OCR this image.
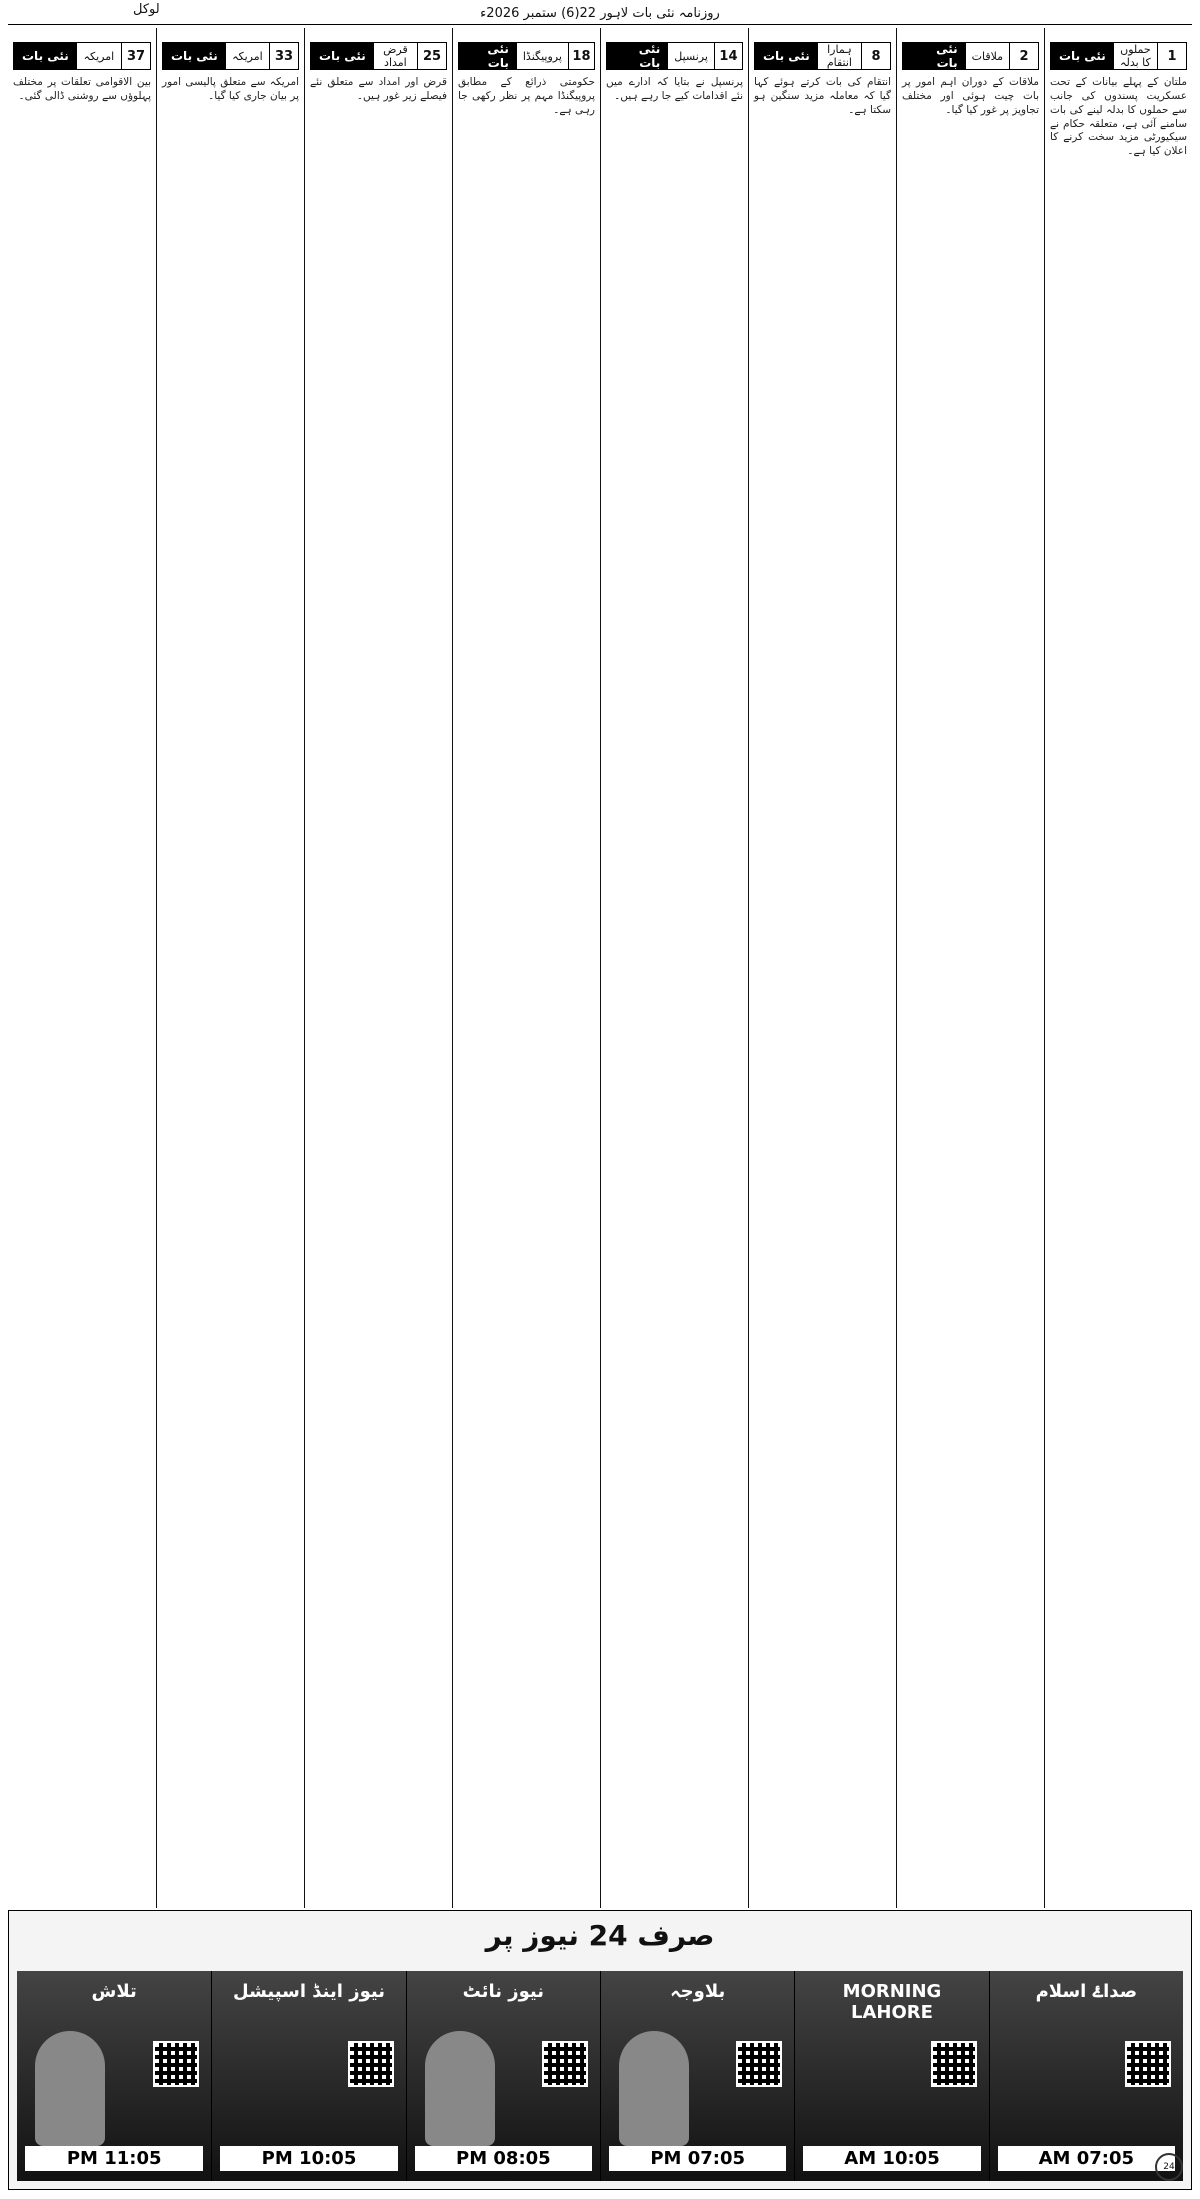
لوکل	روزنامہ نئی بات لاہور 22(6) ستمبر 2026ء
1
حملوں کا بدلہ
نئی بات
ملتان کے پہلے بیانات کے تحت عسکریت پسندوں کی جانب سے حملوں کا بدلہ لینے کی بات سامنے آئی ہے، متعلقہ حکام نے سیکیورٹی مزید سخت کرنے کا اعلان کیا ہے۔
2
ملاقات
نئی بات
ملاقات کے دوران اہم امور پر بات چیت ہوئی اور مختلف تجاویز پر غور کیا گیا۔
8
ہمارا انتقام
نئی بات
انتقام کی بات کرتے ہوئے کہا گیا کہ معاملہ مزید سنگین ہو سکتا ہے۔
14
پرنسپل
نئی بات
پرنسپل نے بتایا کہ ادارے میں نئے اقدامات کیے جا رہے ہیں۔
18
پروپیگنڈا
نئی بات
حکومتی ذرائع کے مطابق پروپیگنڈا مہم پر نظر رکھی جا رہی ہے۔
25
قرض امداد
نئی بات
قرض اور امداد سے متعلق نئے فیصلے زیر غور ہیں۔
33
امریکہ
نئی بات
امریکہ سے متعلق پالیسی امور پر بیان جاری کیا گیا۔
37
امریکہ
نئی بات
بین الاقوامی تعلقات پر مختلف پہلوؤں سے روشنی ڈالی گئی۔
صرف 24 نیوز پر
صداۓ اسلام
07:05 AM
MORNING LAHORE
10:05 AM
بلاوجہ
07:05 PM
نیوز نائٹ
08:05 PM
نیوز اینڈ اسپیشل
10:05 PM
تلاش
11:05 PM	24
